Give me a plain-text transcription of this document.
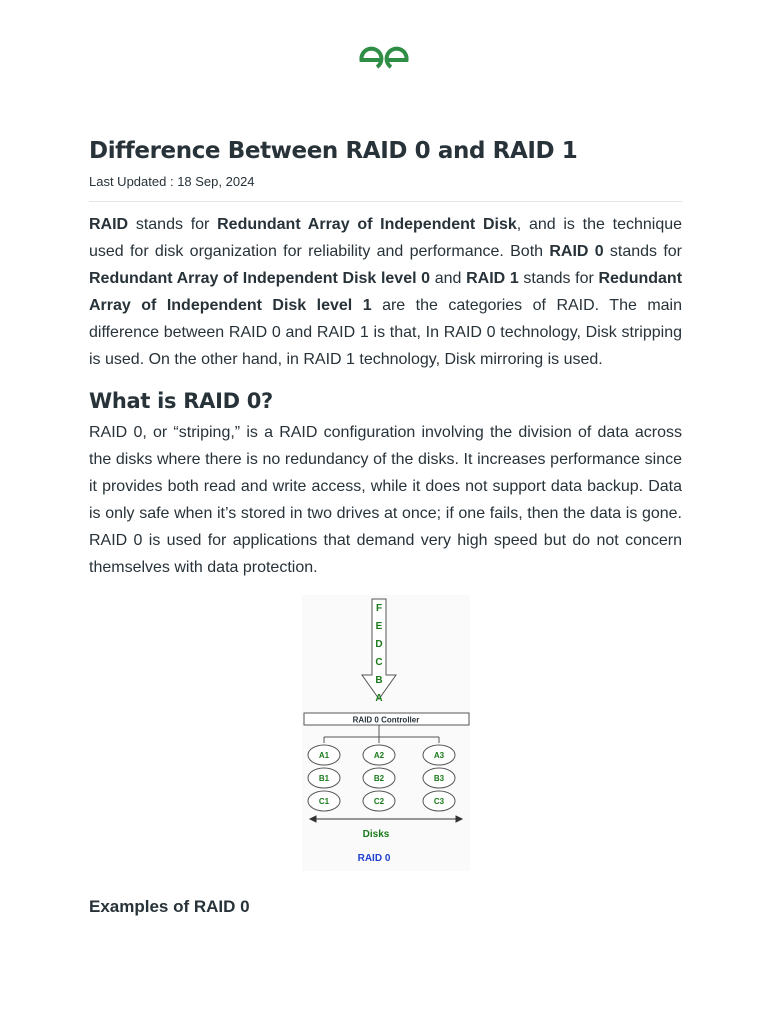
Difference Between RAID 0 and RAID 1
Last Updated : 18 Sep, 2024

RAID stands for Redundant Array of Independent Disk, and is the technique used for disk organization for reliability and performance. Both RAID 0 stands for Redundant Array of Independent Disk level 0 and RAID 1 stands for Redundant Array of Independent Disk level 1 are the categories of RAID. The main difference between RAID 0 and RAID 1 is that, In RAID 0 technology, Disk stripping is used. On the other hand, in RAID 1 technology, Disk mirroring is used.

What is RAID 0?

RAID 0, or “striping,” is a RAID configuration involving the division of data across the disks where there is no redundancy of the disks. It increases performance since it provides both read and write access, while it does not support data backup. Data is only safe when it’s stored in two drives at once; if one fails, then the data is gone. RAID 0 is used for applications that demand very high speed but do not concern themselves with data protection.

F
E
D
C
B
A
RAID 0 Controller
A1
B1
C1
A2
B2
C2
A3
B3
C3
Disks
RAID 0
Examples of RAID 0
